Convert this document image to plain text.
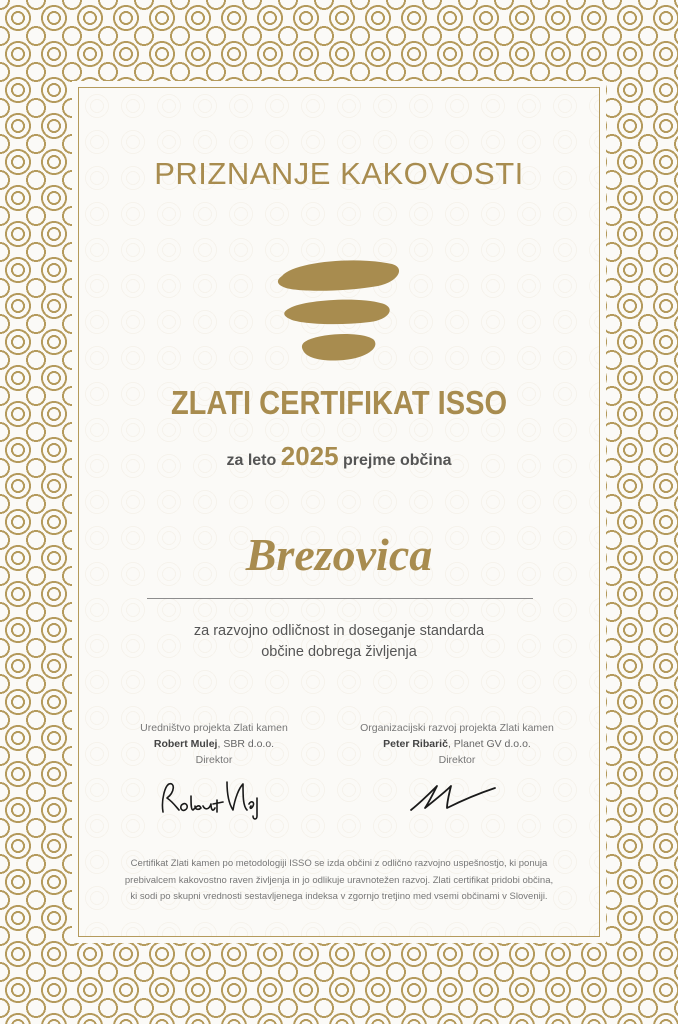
PRIZNANJE KAKOVOSTI
ZLATI CERTIFIKAT ISSO
za leto 2025 prejme občina
Brezovica
za razvojno odličnost in doseganje standarda
občine dobrega življenja
Uredništvo projekta Zlati kamen
Robert Mulej, SBR d.o.o.
Direktor
Organizacijski razvoj projekta Zlati kamen
Peter Ribarič, Planet GV d.o.o.
Direktor
Certifikat Zlati kamen po metodologiji ISSO se izda občini z odlično razvojno uspešnostjo, ki ponuja
prebivalcem kakovostno raven življenja in jo odlikuje uravnotežen razvoj. Zlati certifikat pridobi občina,
ki sodi po skupni vrednosti sestavljenega indeksa v zgornjo tretjino med vsemi občinami v Sloveniji.
